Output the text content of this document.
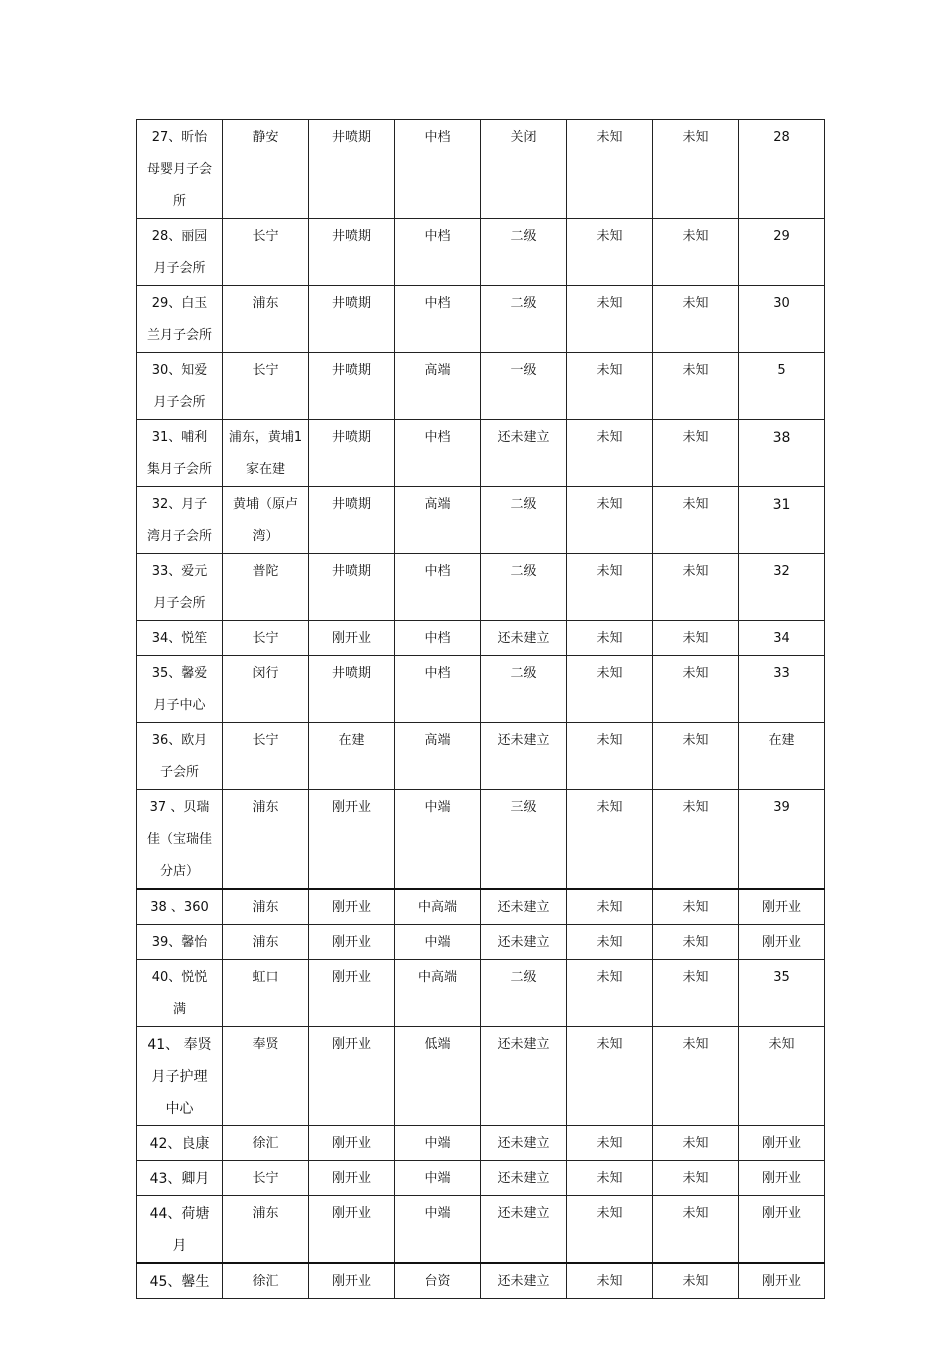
27、昕怡母婴月子会所	静安	井喷期	中档	关闭	未知	未知	28
28、丽园月子会所	长宁	井喷期	中档	二级	未知	未知	29
29、白玉兰月子会所	浦东	井喷期	中档	二级	未知	未知	30
30、知爱月子会所	长宁	井喷期	高端	一级	未知	未知	5
31、哺利集月子会所	浦东，黄埔1家在建	井喷期	中档	还未建立	未知	未知	38
32、月子湾月子会所	黄埔（原卢湾）	井喷期	高端	二级	未知	未知	31
33、爱元月子会所	普陀	井喷期	中档	二级	未知	未知	32
34、悦笙	长宁	刚开业	中档	还未建立	未知	未知	34
35、馨爱月子中心	闵行	井喷期	中档	二级	未知	未知	33
36、欧月子会所	长宁	在建	高端	还未建立	未知	未知	在建
37 、贝瑞佳（宝瑞佳分店）	浦东	刚开业	中端	三级	未知	未知	39
38 、360	浦东	刚开业	中高端	还未建立	未知	未知	刚开业
39、馨怡	浦东	刚开业	中端	还未建立	未知	未知	刚开业
40、悦悦满	虹口	刚开业	中高端	二级	未知	未知	35
41、 奉贤月子护理中心	奉贤	刚开业	低端	还未建立	未知	未知	未知
42、良康	徐汇	刚开业	中端	还未建立	未知	未知	刚开业
43、卿月	长宁	刚开业	中端	还未建立	未知	未知	刚开业
44、荷塘月	浦东	刚开业	中端	还未建立	未知	未知	刚开业
45、馨生	徐汇	刚开业	台资	还未建立	未知	未知	刚开业
